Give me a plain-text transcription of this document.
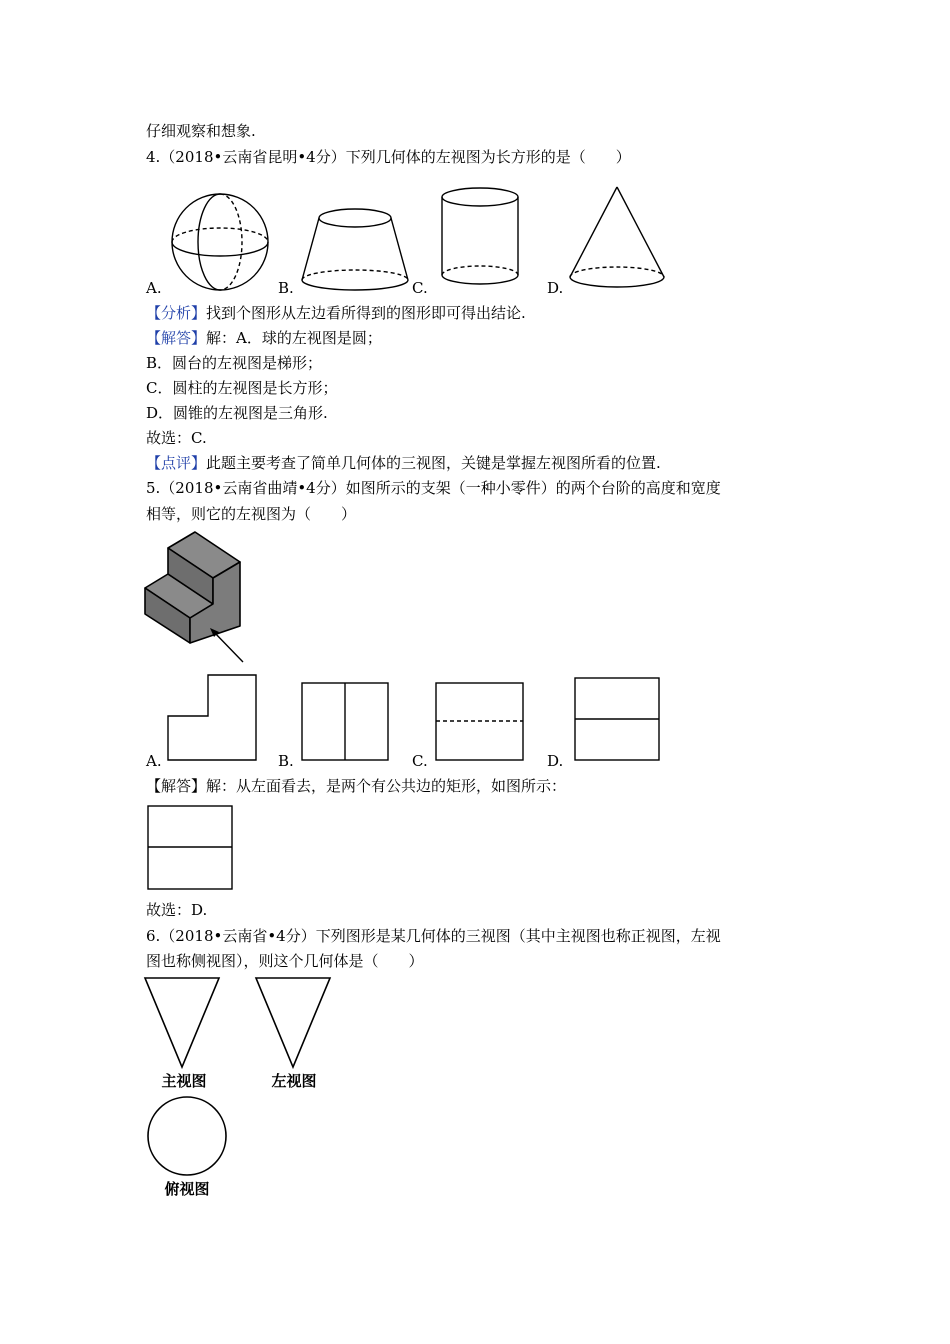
仔细观察和想象.
4.（2018•云南省昆明•4分）下列几何体的左视图为长方形的是（　　）
A.	B.	C.	D.
【分析】找到个图形从左边看所得到的图形即可得出结论.
【解答】解：A．球的左视图是圆；
B．圆台的左视图是梯形；
C．圆柱的左视图是长方形；
D．圆锥的左视图是三角形.
故选：C.
【点评】此题主要考查了简单几何体的三视图，关键是掌握左视图所看的位置.
5.（2018•云南省曲靖•4分）如图所示的支架（一种小零件）的两个台阶的高度和宽度
相等，则它的左视图为（　　）
A.	B.	C.	D.
【解答】解：从左面看去，是两个有公共边的矩形，如图所示：
故选：D.
6.（2018•云南省•4分）下列图形是某几何体的三视图（其中主视图也称正视图，左视
图也称侧视图），则这个几何体是（　　）
主视图	左视图
俯视图
